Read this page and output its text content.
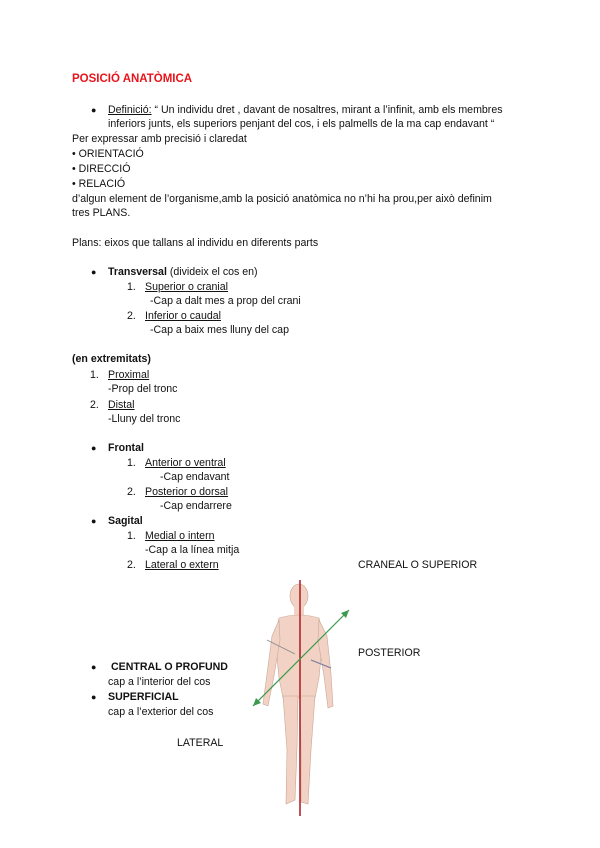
POSICIÓ ANATÒMICA
● Definició: “ Un individu dret , davant de nosaltres, mirant a l’infinit, amb els membres
inferiors junts, els superiors penjant del cos, i els palmells de la ma cap endavant “
Per expressar amb precisió i claredat
• ORIENTACIÓ
• DIRECCIÓ
• RELACIÓ
d’algun element de l’organisme,amb la posició anatòmica no n’hi ha prou,per això definim
tres PLANS.
Plans: eixos que tallans al individu en diferents parts
● Transversal (divideix el cos en)
1. Superior o cranial
-Cap a dalt mes a prop del crani
2. Inferior o caudal
-Cap a baix mes lluny del cap
(en extremitats)
1. Proximal
-Prop del tronc
2. Distal
-Lluny del tronc
● Frontal
1. Anterior o ventral
-Cap endavant
2. Posterior o dorsal
-Cap endarrere
● Sagital
1. Medial o intern
-Cap a la línea mitja
2. Lateral o extern	CRANEAL O SUPERIOR
POSTERIOR
LATERAL
● CENTRAL O PROFUND
cap a l’interior del cos
● SUPERFICIAL
cap a l’exterior del cos
